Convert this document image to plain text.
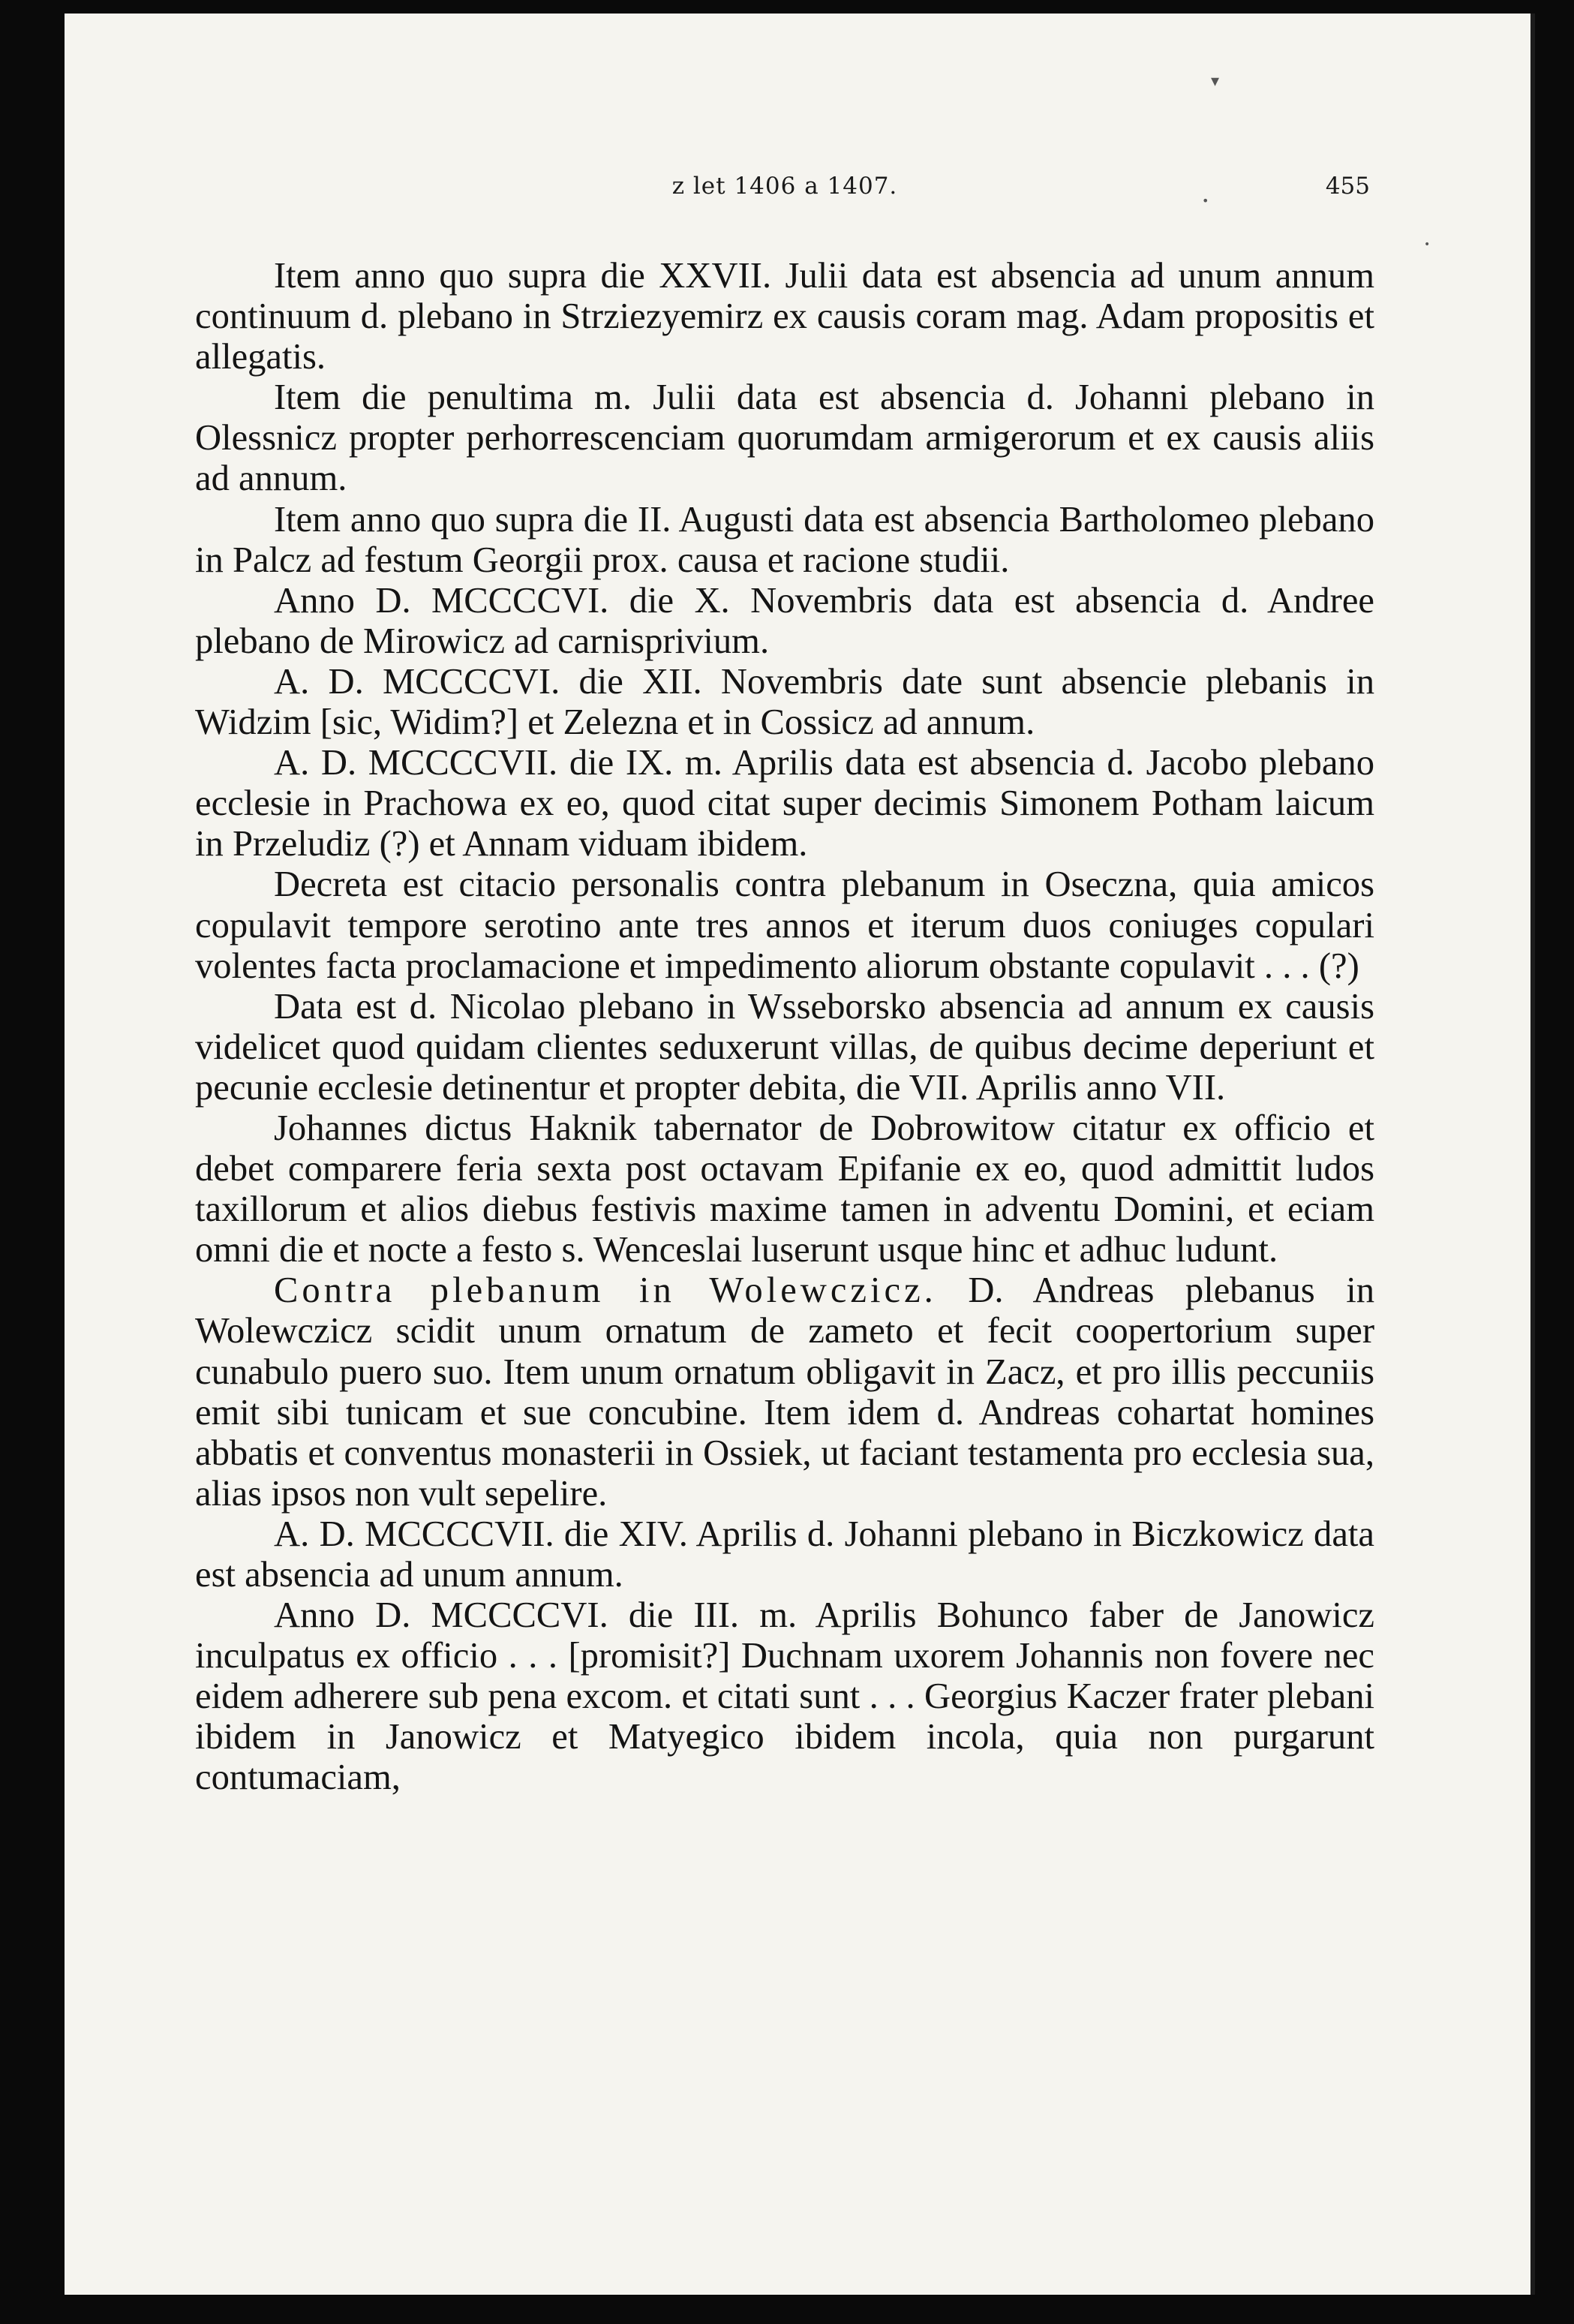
z let 1406 a 1407.	455
▾
•
•

Item anno quo supra die XXVII. Julii data est absencia ad unum annum continuum d. plebano in Strziezyemirz ex causis coram mag. Adam propositis et allegatis.

Item die penultima m. Julii data est absencia d. Johanni plebano in Olessnicz propter perhorrescenciam quorumdam armigerorum et ex causis aliis ad annum.

Item anno quo supra die II. Augusti data est absencia Bartholomeo plebano in Palcz ad festum Georgii prox. causa et racione studii.

Anno D. MCCCCVI. die X. Novembris data est absencia d. Andree plebano de Mirowicz ad carnisprivium.

A. D. MCCCCVI. die XII. Novembris date sunt absencie plebanis in Widzim [sic, Widim?] et Zelezna et in Cossicz ad annum.

A. D. MCCCCVII. die IX. m. Aprilis data est absencia d. Jacobo plebano ecclesie in Prachowa ex eo, quod citat super decimis Simonem Potham laicum in Przeludiz (?) et Annam viduam ibidem.

Decreta est citacio personalis contra plebanum in Oseczna, quia amicos copulavit tempore serotino ante tres annos et iterum duos coniuges copulari volentes facta proclamacione et impedimento aliorum obstante copulavit . . . (?)

Data est d. Nicolao plebano in Wsseborsko absencia ad annum ex causis videlicet quod quidam clientes seduxerunt villas, de quibus decime deperiunt et pecunie ecclesie detinentur et propter debita, die VII. Aprilis anno VII.

Johannes dictus Haknik tabernator de Dobrowitow citatur ex officio et debet comparere feria sexta post octavam Epifanie ex eo, quod admittit ludos taxillorum et alios diebus festivis maxime tamen in adventu Domini, et eciam omni die et nocte a festo s. Wenceslai luserunt usque hinc et adhuc ludunt.

Contra plebanum in Wolewczicz. D. Andreas plebanus in Wolewczicz scidit unum ornatum de zameto et fecit coopertorium super cunabulo puero suo. Item unum ornatum obligavit in Zacz, et pro illis peccuniis emit sibi tunicam et sue concubine. Item idem d. Andreas cohartat homines abbatis et conventus monasterii in Ossiek, ut faciant testamenta pro ecclesia sua, alias ipsos non vult sepelire.

A. D. MCCCCVII. die XIV. Aprilis d. Johanni plebano in Biczkowicz data est absencia ad unum annum.

Anno D. MCCCCVI. die III. m. Aprilis Bohunco faber de Janowicz inculpatus ex officio . . . [promisit?] Duchnam uxorem Johannis non fovere nec eidem adherere sub pena excom. et citati sunt . . . Georgius Kaczer frater plebani ibidem in Janowicz et Matyegico ibidem incola, quia non purgarunt contumaciam,
